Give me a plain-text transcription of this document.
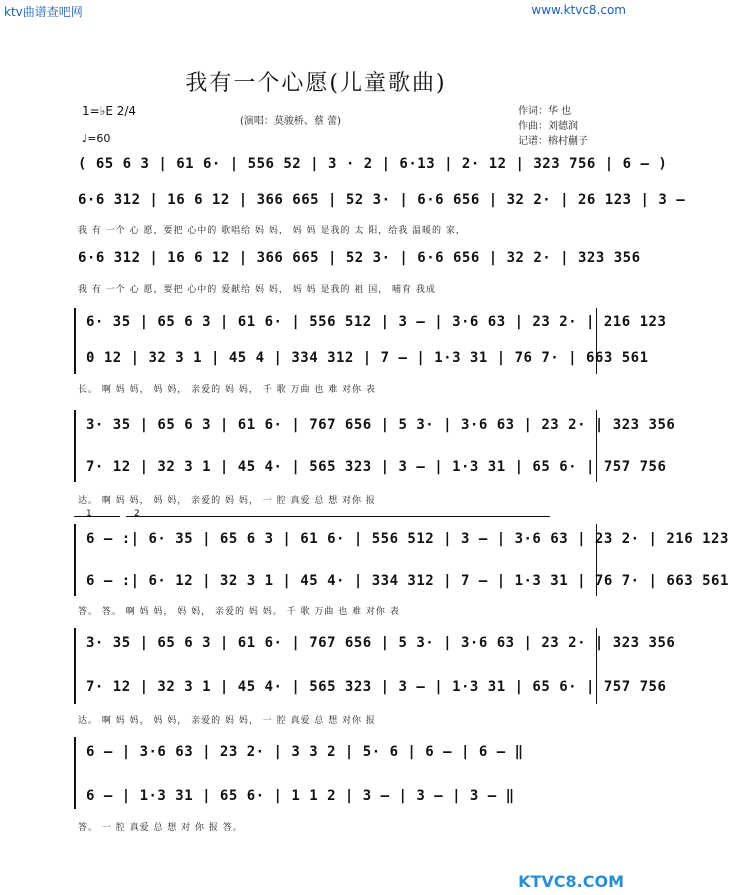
ktv曲谱查吧网	www.ktvc8.com
KTVC8.COM
我有一个心愿(儿童歌曲)
1=♭E 2/4
♩=60
(演唱：莫骏桥、蔡 蕾)
作词：华 也
作曲：刘德润
记谱：榕村蒯子
( 65 6 3 | 61 6· | 556 52 | 3 · 2 | 6·13 | 2· 12 | 323 756 | 6 – )
6·6 312 | 16 6 12 | 366 665 | 52 3· | 6·6 656 | 32 2· | 26 123 | 3 –
我 有 一个 心 愿，要把 心中的 歌唱给 妈 妈， 妈 妈 是我的 太 阳，给我 温暖的 家，
6·6 312 | 16 6 12 | 366 665 | 52 3· | 6·6 656 | 32 2· | 323 356
我 有 一个 心 愿，要把 心中的 爱献给 妈 妈， 妈 妈 是我的 祖 国， 哺育 我成
6· 35 | 65 6 3 | 61 6· | 556 512 | 3 – | 3·6 63 | 23 2· | 216 123
0 12 | 32 3 1 | 45 4 | 334 312 | 7 – | 1·3 31 | 76 7· | 663 561
长。 啊 妈 妈， 妈 妈， 亲爱的 妈 妈， 千 歌 万曲 也 难 对你 表
3· 35 | 65 6 3 | 61 6· | 767 656 | 5 3· | 3·6 63 | 23 2· | 323 356
7· 12 | 32 3 1 | 45 4· | 565 323 | 3 – | 1·3 31 | 65 6· | 757 756
达。 啊 妈 妈， 妈 妈， 亲爱的 妈 妈， 一 腔 真爱 总 想 对你 报
1	2
6 – :| 6· 35 | 65 6 3 | 61 6· | 556 512 | 3 – | 3·6 63 | 23 2· | 216 123
6 – :| 6· 12 | 32 3 1 | 45 4· | 334 312 | 7 – | 1·3 31 | 76 7· | 663 561
答。 答。 啊 妈 妈， 妈 妈， 亲爱的 妈 妈。 千 歌 万曲 也 难 对你 表
3· 35 | 65 6 3 | 61 6· | 767 656 | 5 3· | 3·6 63 | 23 2· | 323 356
7· 12 | 32 3 1 | 45 4· | 565 323 | 3 – | 1·3 31 | 65 6· | 757 756
达。 啊 妈 妈， 妈 妈， 亲爱的 妈 妈， 一 腔 真爱 总 想 对你 报
6 – | 3·6 63 | 23 2· | 3 3 2 | 5· 6 | 6 – | 6 – ‖
6 – | 1·3 31 | 65 6· | 1 1 2 | 3 – | 3 – | 3 – ‖
答。 一 腔 真爱 总 想 对 你 报 答。
